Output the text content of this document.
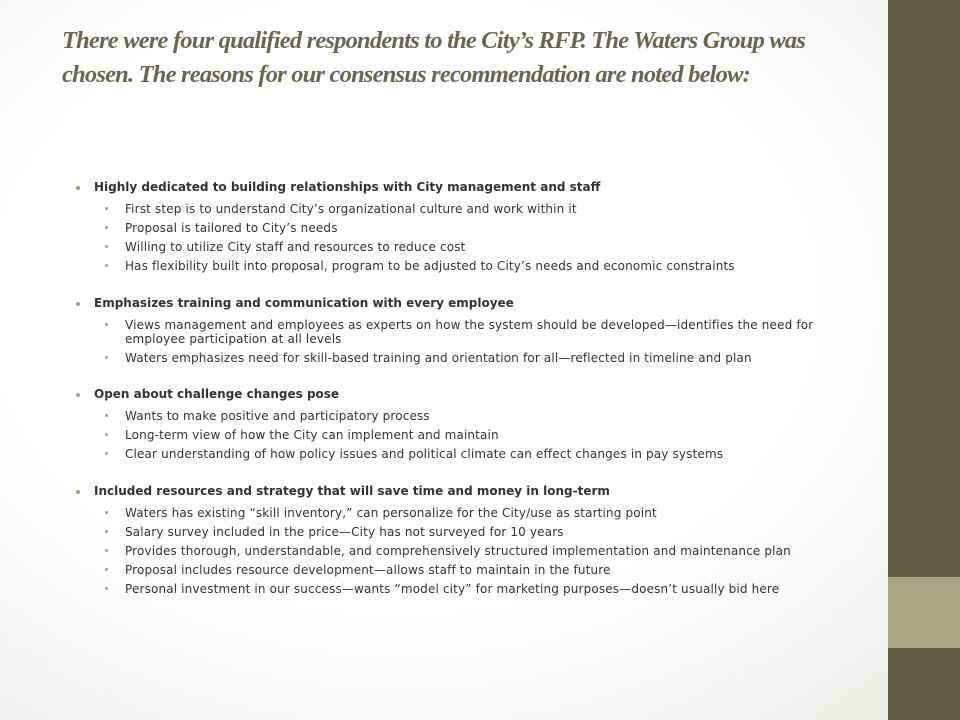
There were four qualified respondents to the City’s RFP. The Waters Group was chosen. The reasons for our consensus recommendation are noted below:
Highly dedicated to building relationships with City management and staff
First step is to understand City’s organizational culture and work within it
Proposal is tailored to City’s needs
Willing to utilize City staff and resources to reduce cost
Has flexibility built into proposal, program to be adjusted to City’s needs and economic constraints
Emphasizes training and communication with every employee
Views management and employees as experts on how the system should be developed—identifies the need for employee participation at all levels
Waters emphasizes need for skill-based training and orientation for all—reflected in timeline and plan
Open about challenge changes pose
Wants to make positive and participatory process
Long-term view of how the City can implement and maintain
Clear understanding of how policy issues and political climate can effect changes in pay systems
Included resources and strategy that will save time and money in long-term
Waters has existing “skill inventory,” can personalize for the City/use as starting point
Salary survey included in the price—City has not surveyed for 10 years
Provides thorough, understandable, and comprehensively structured implementation and maintenance plan
Proposal includes resource development—allows staff to maintain in the future
Personal investment in our success—wants “model city” for marketing purposes—doesn’t usually bid here
